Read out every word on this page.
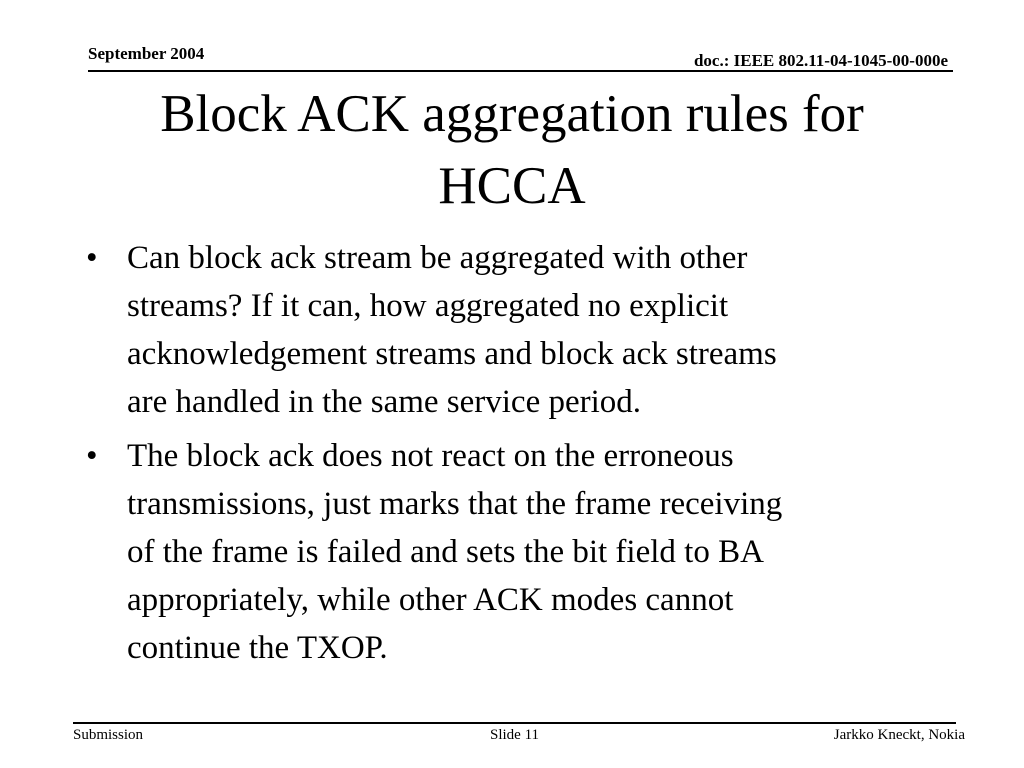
September 2004	doc.: IEEE 802.11-04-1045-00-000e
Block ACK aggregation rules for
HCCA
• Can block ack stream be aggregated with other
streams? If it can, how aggregated no explicit
acknowledgement streams and block ack streams
are handled in the same service period.
• The block ack does not react on the erroneous
transmissions, just marks that the frame receiving
of the frame is failed and sets the bit field to BA
appropriately, while other ACK modes cannot
continue the TXOP.
Submission	Slide 11	Jarkko Kneckt, Nokia
